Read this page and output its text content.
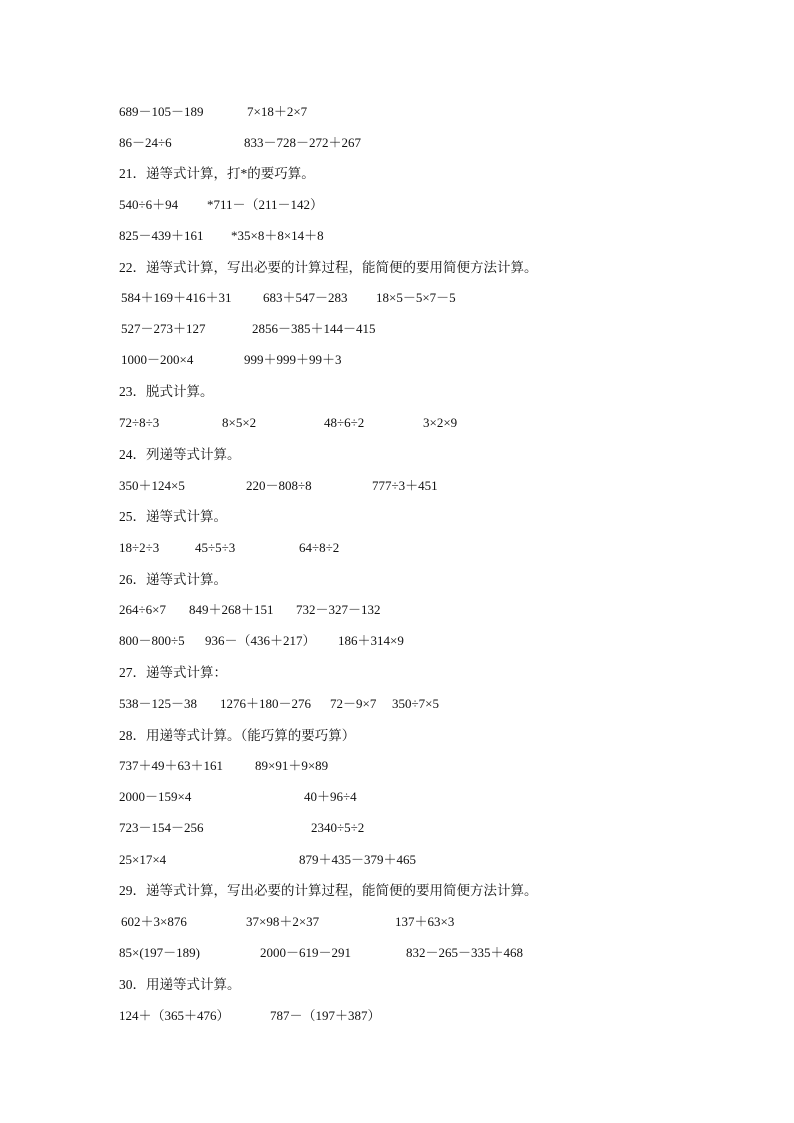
689－105－189	7×18＋2×7
86－24÷6	833－728－272＋267
21．递等式计算，打*的要巧算。
540÷6＋94 *711－（211－142）
825－439＋161 *35×8＋8×14＋8
22．递等式计算，写出必要的计算过程，能简便的要用简便方法计算。
584＋169＋416＋31 683＋547－283 18×5－5×7－5
527－273＋127	2856－385＋144－415
1000－200×4	999＋999＋99＋3
23．脱式计算。
72÷8÷3	8×5×2	48÷6÷2	3×2×9
24．列递等式计算。
350＋124×5	220－808÷8	777÷3＋451
25．递等式计算。
18÷2÷3	45÷5÷3	64÷8÷2
26．递等式计算。
264÷6×7 849＋268＋151 732－327－132
800－800÷5 936－（436＋217） 186＋314×9
27．递等式计算：
538－125－38 1276＋180－276 72－9×7 350÷7×5
28．用递等式计算。（能巧算的要巧算）
737＋49＋63＋161 89×91＋9×89
2000－159×4	40＋96÷4
723－154－256	2340÷5÷2
25×17×4	879＋435－379＋465
29．递等式计算，写出必要的计算过程，能简便的要用简便方法计算。
602＋3×876	37×98＋2×37	137＋63×3
85×(197－189)	2000－619－291	832－265－335＋468
30．用递等式计算。
124＋（365＋476）	787－（197＋387）
